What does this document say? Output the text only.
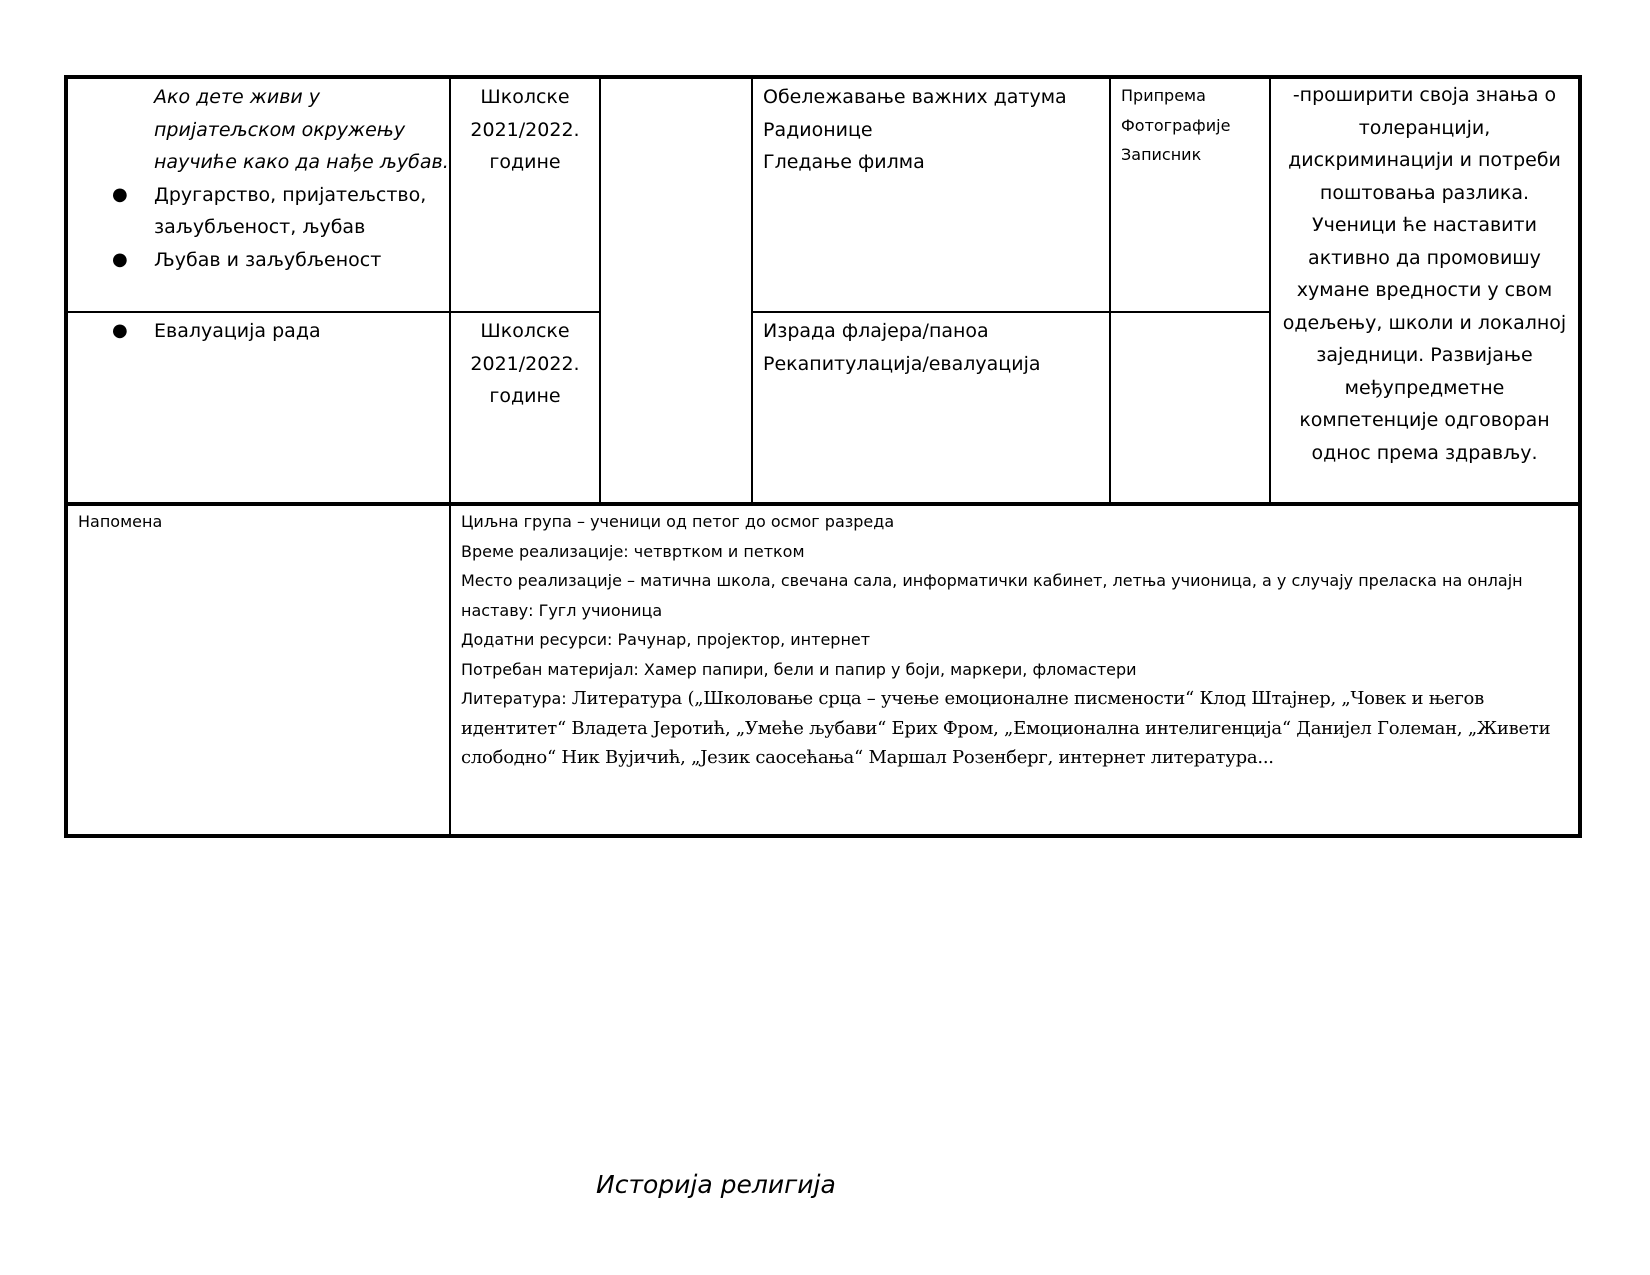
Ако дете живи у пријатељском окружењу научиће како да нађе љубав.
● Другарство, пријатељство, заљубљеност, љубав
● Љубав и заљубљеност
Школске
2021/2022.
године
Обележавање важних датума
Радионице
Гледање филма
Припрема
Фотографије
Записник
-проширити своја знања о толеранцији, дискриминацији и потреби поштовања разлика. Ученици ће наставити активно да промовишу хумане вредности у свом одељењу, школи и локалној заједници. Развијање међупредметне компетенције одговоран однос према здрављу.
● Евалуација рада	Школске
2021/2022.
године
Израда флајера/паноа
Рекапитулација/евалуација
Напомена	Циљна група – ученици од петог до осмог разреда
Време реализације: четвртком и петком
Место реализације – матична школа, свечана сала, информатички кабинет, летња учионица, а у случају преласка на онлајн наставу: Гугл учионица
Додатни ресурси: Рачунар, пројектор, интернет
Потребан материјал: Хамер папири, бели и папир у боји, маркери, фломастери
Литература: Литература („Школовање срца – учење емоционалне писмености“ Клод Штајнер, „Човек и његов идентитет“ Владета Јеротић, „Умеће љубави“ Ерих Фром, „Емоционална интелигенција“ Данијел Големан, „Живети слободно“ Ник Вујичић, „Језик саосећања“ Маршал Розенберг, интернет литература...
Историја религија
